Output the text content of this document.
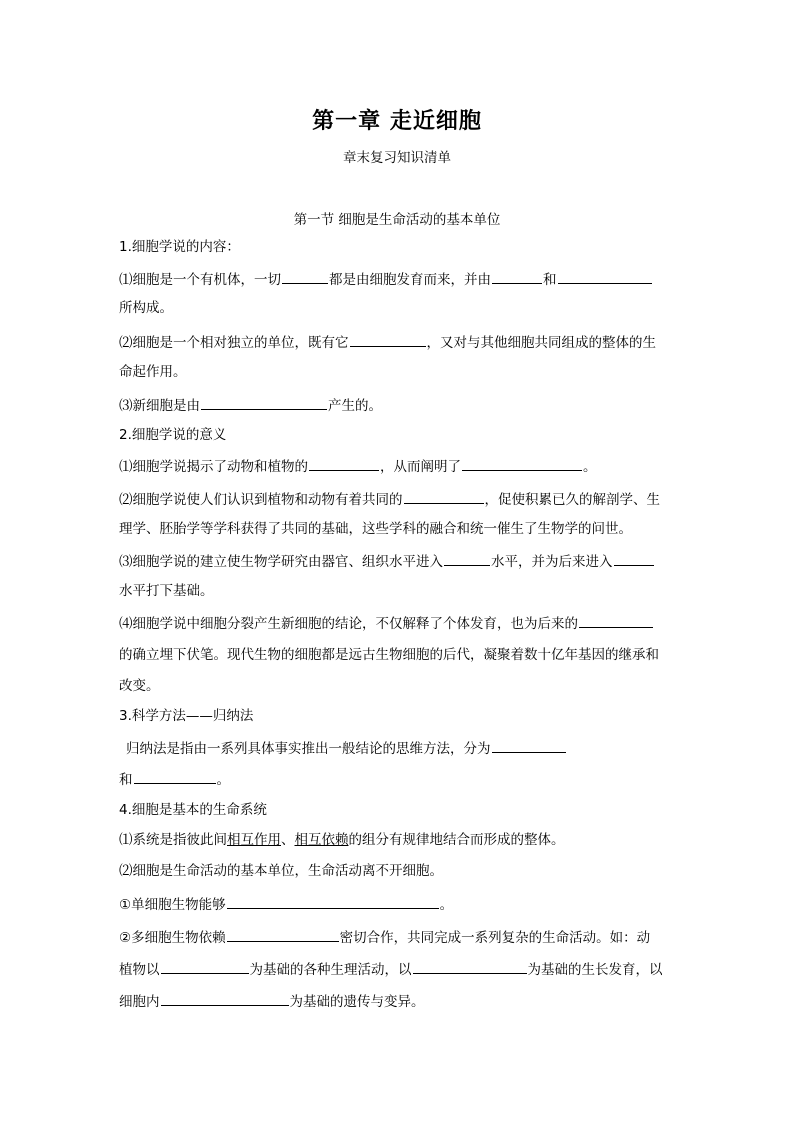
第一章 走近细胞
章末复习知识清单
第一节 细胞是生命活动的基本单位
1.细胞学说的内容：
⑴细胞是一个有机体，一切	都是由细胞发育而来，并由	和
所构成。
⑵细胞是一个相对独立的单位，既有它	，又对与其他细胞共同组成的整体的生
命起作用。
⑶新细胞是由	产生的。
2.细胞学说的意义
⑴细胞学说揭示了动物和植物的	，从而阐明了	。
⑵细胞学说使人们认识到植物和动物有着共同的	，促使积累已久的解剖学、生
理学、胚胎学等学科获得了共同的基础，这些学科的融合和统一催生了生物学的问世。
⑶细胞学说的建立使生物学研究由器官、组织水平进入	水平，并为后来进入
水平打下基础。
⑷细胞学说中细胞分裂产生新细胞的结论，不仅解释了个体发育，也为后来的
的确立埋下伏笔。现代生物的细胞都是远古生物细胞的后代，凝聚着数十亿年基因的继承和
改变。
3.科学方法——归纳法
归纳法是指由一系列具体事实推出一般结论的思维方法，分为
和	。
4.细胞是基本的生命系统
⑴系统是指彼此间相互作用、相互依赖的组分有规律地结合而形成的整体。
⑵细胞是生命活动的基本单位，生命活动离不开细胞。
①单细胞生物能够	。
②多细胞生物依赖	密切合作，共同完成一系列复杂的生命活动。如：动
植物以	为基础的各种生理活动，以	为基础的生长发育，以
细胞内	为基础的遗传与变异。
